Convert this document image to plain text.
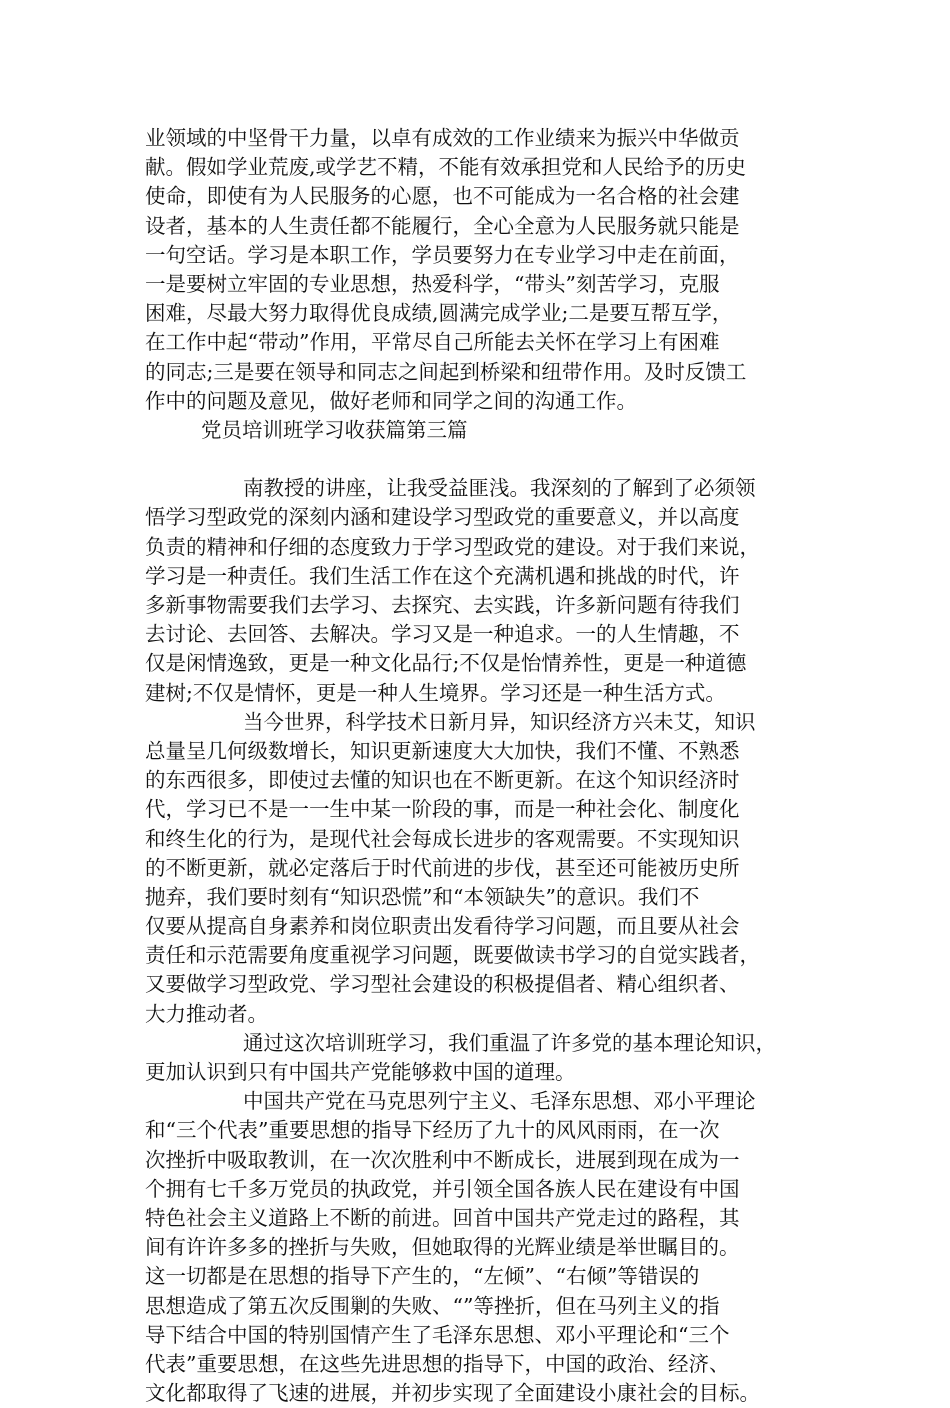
业领域的中坚骨干力量，以卓有成效的工作业绩来为振兴中华做贡
献。假如学业荒废,或学艺不精，不能有效承担党和人民给予的历史
使命，即使有为人民服务的心愿，也不可能成为一名合格的社会建
设者，基本的人生责任都不能履行，全心全意为人民服务就只能是
一句空话。学习是本职工作，学员要努力在专业学习中走在前面，
一是要树立牢固的专业思想，热爱科学，“带头”刻苦学习，克服
困难，尽最大努力取得优良成绩,圆满完成学业;二是要互帮互学，
在工作中起“带动”作用，平常尽自己所能去关怀在学习上有困难
的同志;三是要在领导和同志之间起到桥梁和纽带作用。及时反馈工
作中的问题及意见，做好老师和同学之间的沟通工作。
党员培训班学习收获篇第三篇
南教授的讲座，让我受益匪浅。我深刻的了解到了必须领
悟学习型政党的深刻内涵和建设学习型政党的重要意义，并以高度
负责的精神和仔细的态度致力于学习型政党的建设。对于我们来说，
学习是一种责任。我们生活工作在这个充满机遇和挑战的时代，许
多新事物需要我们去学习、去探究、去实践，许多新问题有待我们
去讨论、去回答、去解决。学习又是一种追求。一的人生情趣，不
仅是闲情逸致，更是一种文化品行;不仅是怡情养性，更是一种道德
建树;不仅是情怀，更是一种人生境界。学习还是一种生活方式。
当今世界，科学技术日新月异，知识经济方兴未艾，知识
总量呈几何级数增长，知识更新速度大大加快，我们不懂、不熟悉
的东西很多，即使过去懂的知识也在不断更新。在这个知识经济时
代，学习已不是一一生中某一阶段的事，而是一种社会化、制度化
和终生化的行为，是现代社会每成长进步的客观需要。不实现知识
的不断更新，就必定落后于时代前进的步伐，甚至还可能被历史所
抛弃，我们要时刻有“知识恐慌”和“本领缺失”的意识。我们不
仅要从提高自身素养和岗位职责出发看待学习问题，而且要从社会
责任和示范需要角度重视学习问题，既要做读书学习的自觉实践者，
又要做学习型政党、学习型社会建设的积极提倡者、精心组织者、
大力推动者。
通过这次培训班学习，我们重温了许多党的基本理论知识，
更加认识到只有中国共产党能够救中国的道理。
中国共产党在马克思列宁主义、毛泽东思想、邓小平理论
和“三个代表”重要思想的指导下经历了九十的风风雨雨，在一次
次挫折中吸取教训，在一次次胜利中不断成长，进展到现在成为一
个拥有七千多万党员的执政党，并引领全国各族人民在建设有中国
特色社会主义道路上不断的前进。回首中国共产党走过的路程，其
间有许许多多的挫折与失败，但她取得的光辉业绩是举世瞩目的。
这一切都是在思想的指导下产生的，“左倾”、“右倾”等错误的
思想造成了第五次反围剿的失败、“”等挫折，但在马列主义的指
导下结合中国的特别国情产生了毛泽东思想、邓小平理论和“三个
代表”重要思想，在这些先进思想的指导下，中国的政治、经济、
文化都取得了飞速的进展，并初步实现了全面建设小康社会的目标。
